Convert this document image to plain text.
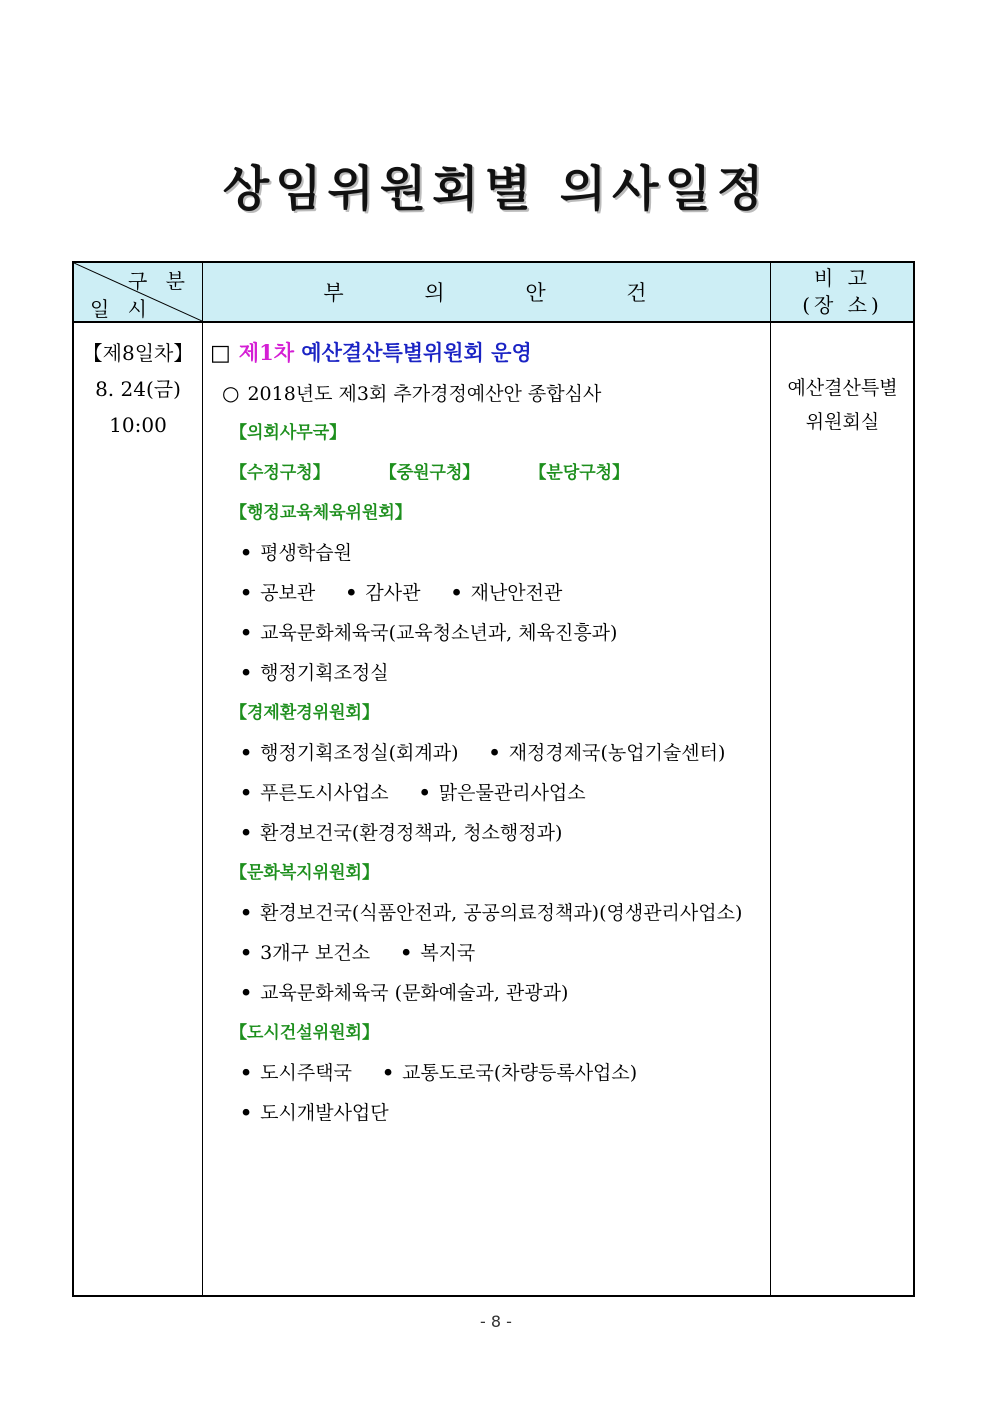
상임위원회별 의사일정
구 분
일 시
부 의 안 건
비 고
(장 소)
【제8일차】
8. 24(금)
10:00
예산결산특별
위원회실
□ 제1차 예산결산특별위원회 운영
○ 2018년도 제3회 추가경정예산안 종합심사
【의회사무국】
【수정구청】	【중원구청】	【분당구청】
【행정교육체육위원회】
• 평생학습원
• 공보관 • 감사관 • 재난안전관
• 교육문화체육국(교육청소년과, 체육진흥과)
• 행정기획조정실
【경제환경위원회】
• 행정기획조정실(회계과) • 재정경제국(농업기술센터)
• 푸른도시사업소 • 맑은물관리사업소
• 환경보건국(환경정책과, 청소행정과)
【문화복지위원회】
• 환경보건국(식품안전과, 공공의료정책과)(영생관리사업소)
• 3개구 보건소 • 복지국
• 교육문화체육국 (문화예술과, 관광과)
【도시건설위원회】
• 도시주택국 • 교통도로국(차량등록사업소)
• 도시개발사업단
- 8 -
